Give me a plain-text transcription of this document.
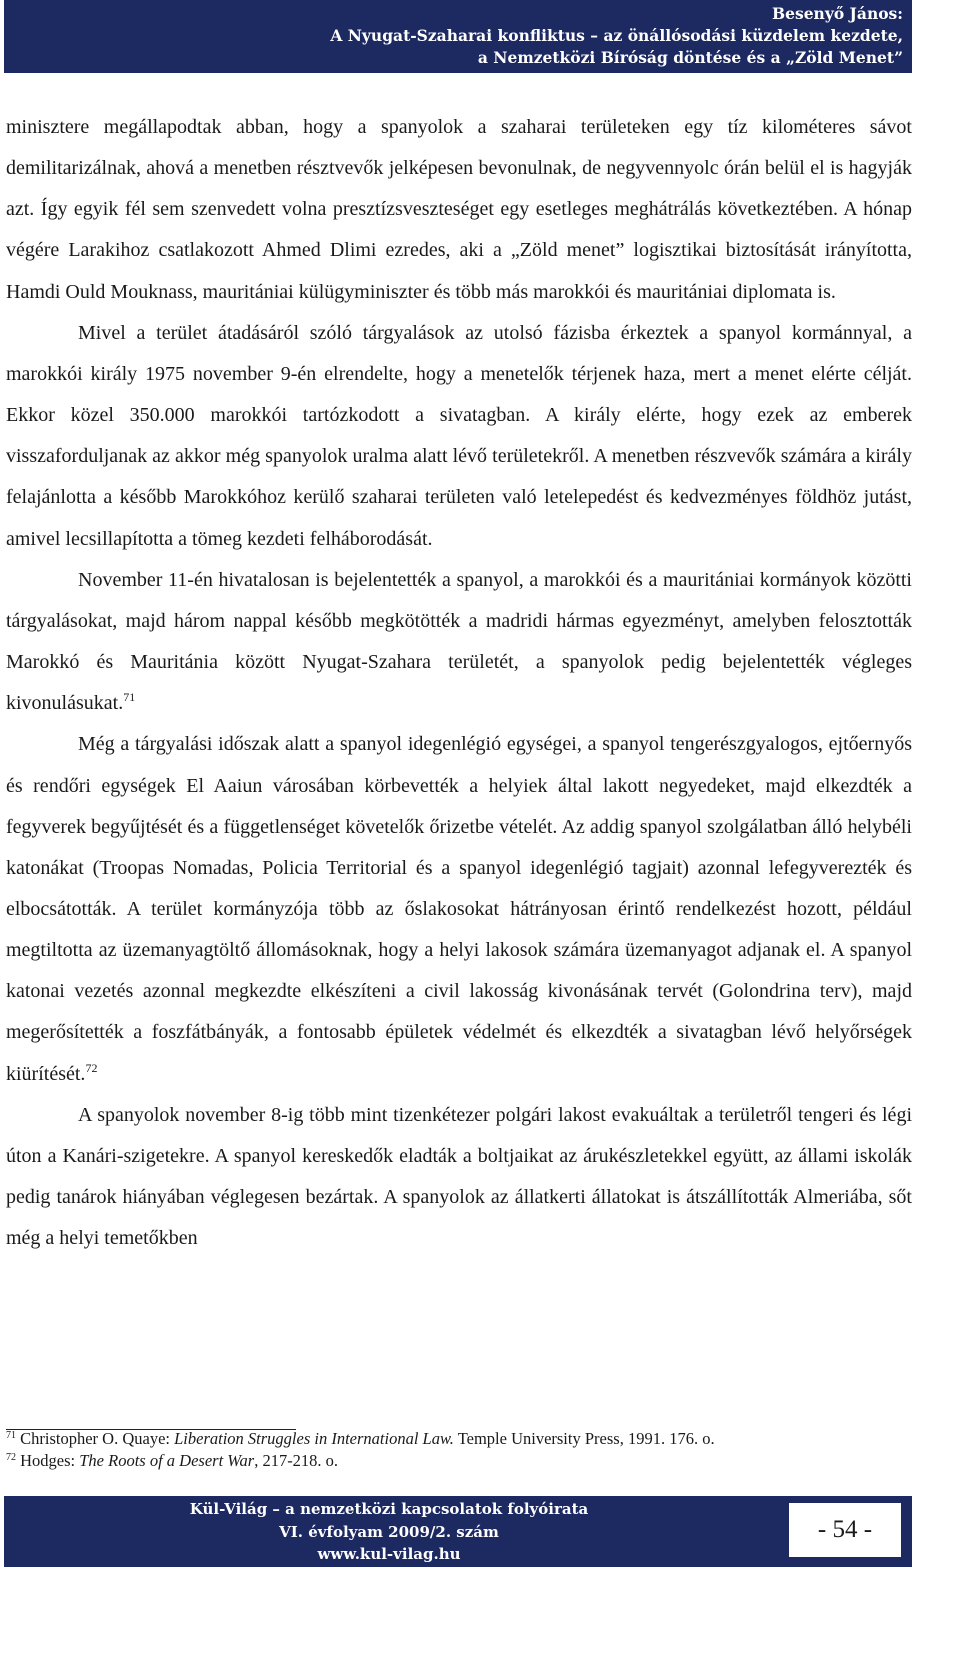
Besenyő János:
A Nyugat-Szaharai konfliktus – az önállósodási küzdelem kezdete,
a Nemzetközi Bíróság döntése és a „Zöld Menet”

minisztere megállapodtak abban, hogy a spanyolok a szaharai területeken egy tíz kilométeres sávot demilitarizálnak, ahová a menetben résztvevők jelképesen bevonulnak, de negyvennyolc órán belül el is hagyják azt. Így egyik fél sem szenvedett volna presztízsveszteséget egy esetleges meghátrálás következtében. A hónap végére Larakihoz csatlakozott Ahmed Dlimi ezredes, aki a „Zöld menet” logisztikai biztosítását irányította, Hamdi Ould Mouknass, mauritániai külügyminiszter és több más marokkói és mauritániai diplomata is.

Mivel a terület átadásáról szóló tárgyalások az utolsó fázisba érkeztek a spanyol kormánnyal, a marokkói király 1975 november 9-én elrendelte, hogy a menetelők térjenek haza, mert a menet elérte célját. Ekkor közel 350.000 marokkói tartózkodott a sivatagban. A király elérte, hogy ezek az emberek visszaforduljanak az akkor még spanyolok uralma alatt lévő területekről. A menetben részvevők számára a király felajánlotta a később Marokkóhoz kerülő szaharai területen való letelepedést és kedvezményes földhöz jutást, amivel lecsillapította a tömeg kezdeti felháborodását.

November 11-én hivatalosan is bejelentették a spanyol, a marokkói és a mauritániai kormányok közötti tárgyalásokat, majd három nappal később megkötötték a madridi hármas egyezményt, amelyben felosztották Marokkó és Mauritánia között Nyugat-Szahara területét, a spanyolok pedig bejelentették végleges kivonulásukat.$^{71}$

Még a tárgyalási időszak alatt a spanyol idegenlégió egységei, a spanyol tengerészgyalogos, ejtőernyős és rendőri egységek El Aaiun városában körbevették a helyiek által lakott negyedeket, majd elkezdték a fegyverek begyűjtését és a függetlenséget követelők őrizetbe vételét. Az addig spanyol szolgálatban álló helybéli katonákat (Troopas Nomadas, Policia Territorial és a spanyol idegenlégió tagjait) azonnal lefegyverezték és elbocsátották. A terület kormányzója több az őslakosokat hátrányosan érintő rendelkezést hozott, például megtiltotta az üzemanyagtöltő állomásoknak, hogy a helyi lakosok számára üzemanyagot adjanak el. A spanyol katonai vezetés azonnal megkezdte elkészíteni a civil lakosság kivonásának tervét (Golondrina terv), majd megerősítették a foszfátbányák, a fontosabb épületek védelmét és elkezdték a sivatagban lévő helyőrségek kiürítését.$^{72}$

A spanyolok november 8-ig több mint tizenkétezer polgári lakost evakuáltak a területről tengeri és légi úton a Kanári-szigetekre. A spanyol kereskedők eladták a boltjaikat az árukészletekkel együtt, az állami iskolák pedig tanárok hiányában véglegesen bezártak. A spanyolok az állatkerti állatokat is átszállították Almeriába, sőt még a helyi temetőkben

$^{71}$ Christopher O. Quaye: Liberation Struggles in International Law. Temple University Press, 1991. 176. o.
$^{72}$ Hodges: The Roots of a Desert War, 217-218. o.
Kül-Világ – a nemzetközi kapcsolatok folyóirata
VI. évfolyam 2009/2. szám
www.kul-vilag.hu
- 54 -
